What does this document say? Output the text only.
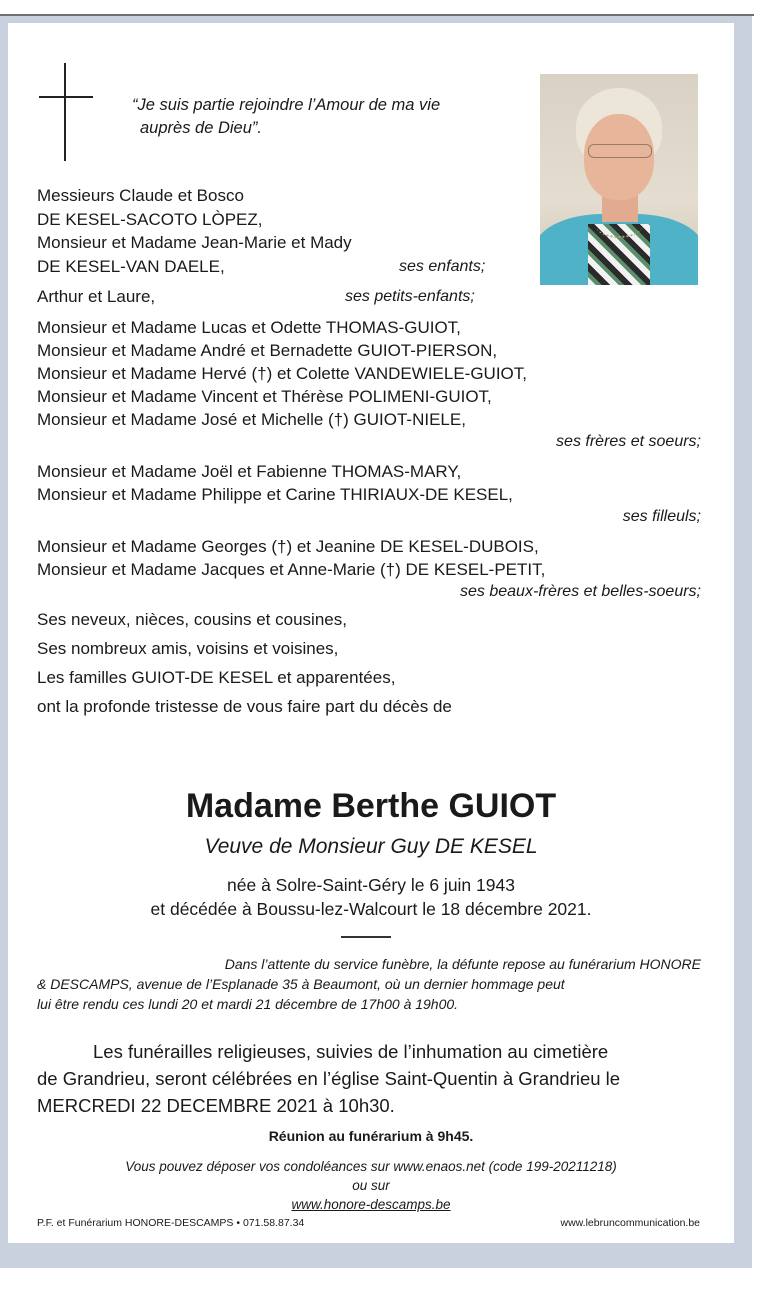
“Je suis partie rejoindre l’Amour de ma vie
auprès de Dieu”.
Messieurs Claude et Bosco
DE KESEL-SACOTO LÒPEZ,
Monsieur et Madame Jean-Marie et Mady
DE KESEL-VAN DAELE,	ses enfants;
Arthur et Laure,	ses petits-enfants;
Monsieur et Madame Lucas et Odette THOMAS-GUIOT,
Monsieur et Madame André et Bernadette GUIOT-PIERSON,
Monsieur et Madame Hervé (†) et Colette VANDEWIELE-GUIOT,
Monsieur et Madame Vincent et Thérèse POLIMENI-GUIOT,
Monsieur et Madame José et Michelle (†) GUIOT-NIELE,
ses frères et soeurs;
Monsieur et Madame Joël et Fabienne THOMAS-MARY,
Monsieur et Madame Philippe et Carine THIRIAUX-DE KESEL,
ses filleuls;
Monsieur et Madame Georges (†) et Jeanine DE KESEL-DUBOIS,
Monsieur et Madame Jacques et Anne-Marie (†) DE KESEL-PETIT,
ses beaux-frères et belles-soeurs;
Ses neveux, nièces, cousins et cousines,
Ses nombreux amis, voisins et voisines,
Les familles GUIOT-DE KESEL et apparentées,
ont la profonde tristesse de vous faire part du décès de
Madame Berthe GUIOT
Veuve de Monsieur Guy DE KESEL
née à Solre-Saint-Géry le 6 juin 1943
et décédée à Boussu-lez-Walcourt le 18 décembre 2021.
Dans l’attente du service funèbre, la défunte repose au funérarium HONORE
& DESCAMPS, avenue de l’Esplanade 35 à Beaumont, où un dernier hommage peut
lui être rendu ces lundi 20 et mardi 21 décembre de 17h00 à 19h00.
Les funérailles religieuses, suivies de l’inhumation au cimetière
de Grandrieu, seront célébrées en l’église Saint-Quentin à Grandrieu le
MERCREDI 22 DECEMBRE 2021 à 10h30.
Réunion au funérarium à 9h45.
Vous pouvez déposer vos condoléances sur www.enaos.net (code 199-20211218)
ou sur
www.honore-descamps.be
P.F. et Funérarium HONORE-DESCAMPS • 071.58.87.34	www.lebruncommunication.be
